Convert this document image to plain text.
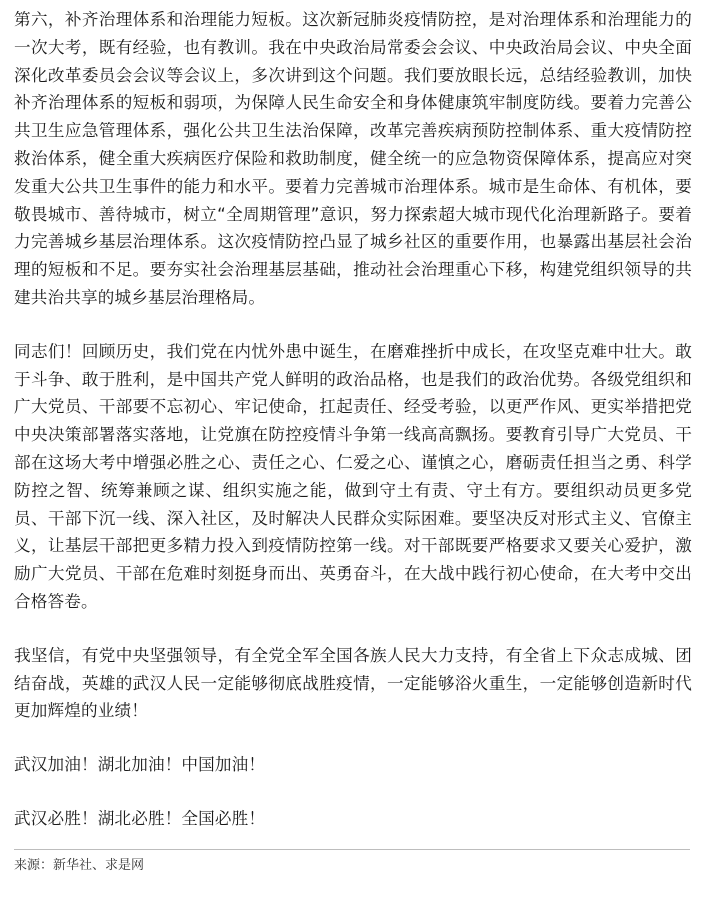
第六，补齐治理体系和治理能力短板。这次新冠肺炎疫情防控，是对治理体系和治理能力的一次大考，既有经验，也有教训。我在中央政治局常委会会议、中央政治局会议、中央全面深化改革委员会会议等会议上，多次讲到这个问题。我们要放眼长远，总结经验教训，加快补齐治理体系的短板和弱项，为保障人民生命安全和身体健康筑牢制度防线。要着力完善公共卫生应急管理体系，强化公共卫生法治保障，改革完善疾病预防控制体系、重大疫情防控救治体系，健全重大疾病医疗保险和救助制度，健全统一的应急物资保障体系，提高应对突发重大公共卫生事件的能力和水平。要着力完善城市治理体系。城市是生命体、有机体，要敬畏城市、善待城市，树立“全周期管理”意识，努力探索超大城市现代化治理新路子。要着力完善城乡基层治理体系。这次疫情防控凸显了城乡社区的重要作用，也暴露出基层社会治理的短板和不足。要夯实社会治理基层基础，推动社会治理重心下移，构建党组织领导的共建共治共享的城乡基层治理格局。

同志们！回顾历史，我们党在内忧外患中诞生，在磨难挫折中成长，在攻坚克难中壮大。敢于斗争、敢于胜利，是中国共产党人鲜明的政治品格，也是我们的政治优势。各级党组织和广大党员、干部要不忘初心、牢记使命，扛起责任、经受考验，以更严作风、更实举措把党中央决策部署落实落地，让党旗在防控疫情斗争第一线高高飘扬。要教育引导广大党员、干部在这场大考中增强必胜之心、责任之心、仁爱之心、谨慎之心，磨砺责任担当之勇、科学防控之智、统筹兼顾之谋、组织实施之能，做到守土有责、守土有方。要组织动员更多党员、干部下沉一线、深入社区，及时解决人民群众实际困难。要坚决反对形式主义、官僚主义，让基层干部把更多精力投入到疫情防控第一线。对干部既要严格要求又要关心爱护，激励广大党员、干部在危难时刻挺身而出、英勇奋斗，在大战中践行初心使命，在大考中交出合格答卷。

我坚信，有党中央坚强领导，有全党全军全国各族人民大力支持，有全省上下众志成城、团结奋战，英雄的武汉人民一定能够彻底战胜疫情，一定能够浴火重生，一定能够创造新时代更加辉煌的业绩！

武汉加油！湖北加油！中国加油！

武汉必胜！湖北必胜！全国必胜！

来源：新华社、求是网
